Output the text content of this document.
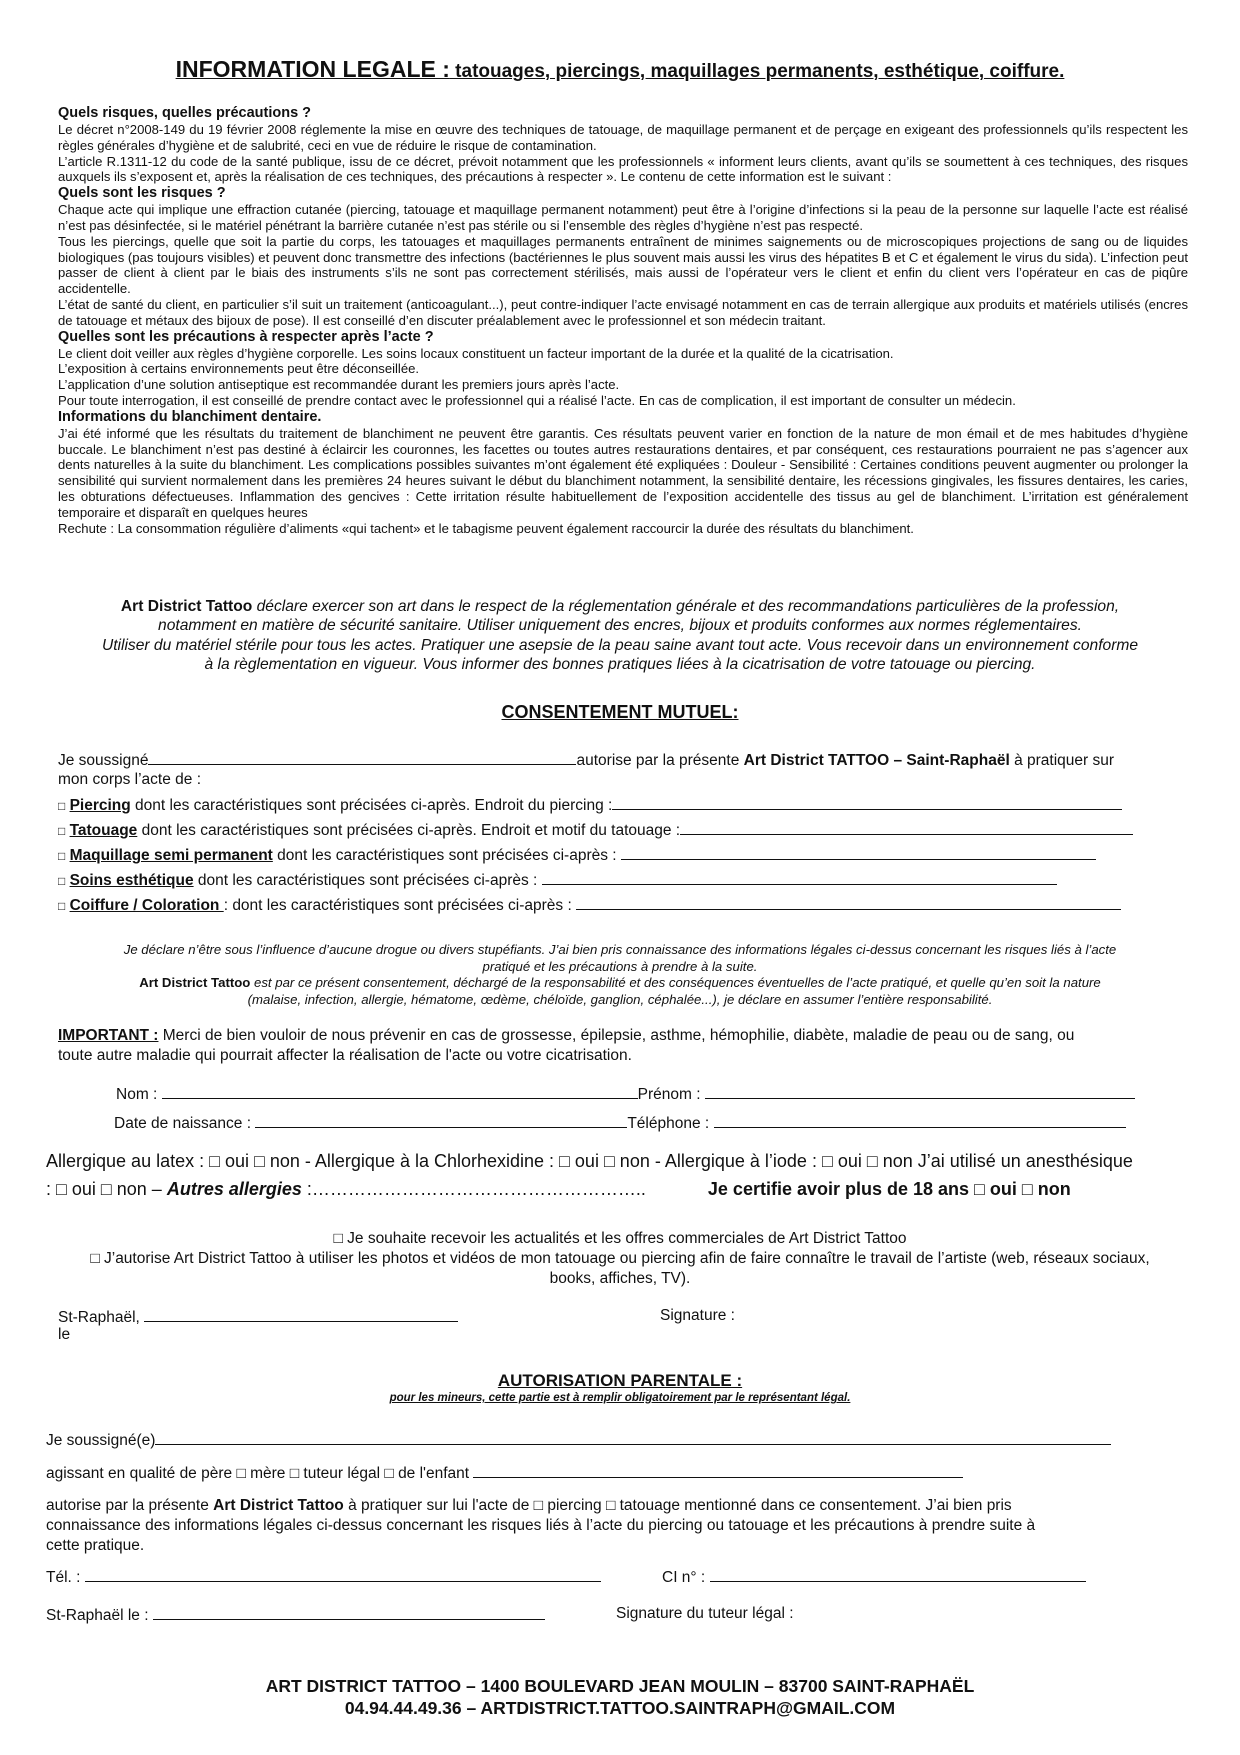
INFORMATION LEGALE : tatouages, piercings, maquillages permanents, esthétique, coiffure.
Quels risques, quelles précautions ?

Le décret n°2008-149 du 19 février 2008 réglemente la mise en œuvre des techniques de tatouage, de maquillage permanent et de perçage en exigeant des professionnels qu’ils respectent les règles générales d’hygiène et de salubrité, ceci en vue de réduire le risque de contamination.

L’article R.1311-12 du code de la santé publique, issu de ce décret, prévoit notamment que les professionnels « informent leurs clients, avant qu’ils se soumettent à ces techniques, des risques auxquels ils s’exposent et, après la réalisation de ces techniques, des précautions à respecter ». Le contenu de cette information est le suivant :

Quels sont les risques ?

Chaque acte qui implique une effraction cutanée (piercing, tatouage et maquillage permanent notamment) peut être à l’origine d’infections si la peau de la personne sur laquelle l’acte est réalisé n’est pas désinfectée, si le matériel pénétrant la barrière cutanée n’est pas stérile ou si l’ensemble des règles d’hygiène n’est pas respecté.

Tous les piercings, quelle que soit la partie du corps, les tatouages et maquillages permanents entraînent de minimes saignements ou de microscopiques projections de sang ou de liquides biologiques (pas toujours visibles) et peuvent donc transmettre des infections (bactériennes le plus souvent mais aussi les virus des hépatites B et C et également le virus du sida). L’infection peut passer de client à client par le biais des instruments s’ils ne sont pas correctement stérilisés, mais aussi de l’opérateur vers le client et enfin du client vers l’opérateur en cas de piqûre accidentelle.

L’état de santé du client, en particulier s’il suit un traitement (anticoagulant...), peut contre-indiquer l’acte envisagé notamment en cas de terrain allergique aux produits et matériels utilisés (encres de tatouage et métaux des bijoux de pose). Il est conseillé d’en discuter préalablement avec le professionnel et son médecin traitant.

Quelles sont les précautions à respecter après l’acte ?

Le client doit veiller aux règles d’hygiène corporelle. Les soins locaux constituent un facteur important de la durée et la qualité de la cicatrisation.

L’exposition à certains environnements peut être déconseillée.

L’application d’une solution antiseptique est recommandée durant les premiers jours après l’acte.

Pour toute interrogation, il est conseillé de prendre contact avec le professionnel qui a réalisé l’acte. En cas de complication, il est important de consulter un médecin.

Informations du blanchiment dentaire.

J’ai été informé que les résultats du traitement de blanchiment ne peuvent être garantis. Ces résultats peuvent varier en fonction de la nature de mon émail et de mes habitudes d’hygiène buccale. Le blanchiment n’est pas destiné à éclaircir les couronnes, les facettes ou toutes autres restaurations dentaires, et par conséquent, ces restaurations pourraient ne pas s’agencer aux dents naturelles à la suite du blanchiment. Les complications possibles suivantes m’ont également été expliquées : Douleur - Sensibilité : Certaines conditions peuvent augmenter ou prolonger la sensibilité qui survient normalement dans les premières 24 heures suivant le début du blanchiment notamment, la sensibilité dentaire, les récessions gingivales, les fissures dentaires, les caries, les obturations défectueuses. Inflammation des gencives : Cette irritation résulte habituellement de l’exposition accidentelle des tissus au gel de blanchiment. L’irritation est généralement temporaire et disparaît en quelques heures

Rechute : La consommation régulière d’aliments «qui tachent» et le tabagisme peuvent également raccourcir la durée des résultats du blanchiment.

Art District Tattoo déclare exercer son art dans le respect de la réglementation générale et des recommandations particulières de la profession,
notamment en matière de sécurité sanitaire. Utiliser uniquement des encres, bijoux et produits conformes aux normes réglementaires.
Utiliser du matériel stérile pour tous les actes. Pratiquer une asepsie de la peau saine avant tout acte. Vous recevoir dans un environnement conforme
à la règlementation en vigueur. Vous informer des bonnes pratiques liées à la cicatrisation de votre tatouage ou piercing.
CONSENTEMENT MUTUEL:
Je soussigné	autorise par la présente Art District TATTOO – Saint-Raphaël à pratiquer sur
mon corps l’acte de :
□ Piercing dont les caractéristiques sont précisées ci-après. Endroit du piercing :
□ Tatouage dont les caractéristiques sont précisées ci-après. Endroit et motif du tatouage :
□ Maquillage semi permanent dont les caractéristiques sont précisées ci-après :
□ Soins esthétique dont les caractéristiques sont précisées ci-après :
□ Coiffure / Coloration : dont les caractéristiques sont précisées ci-après :
Je déclare n’être sous l’influence d’aucune drogue ou divers stupéfiants. J’ai bien pris connaissance des informations légales ci-dessus concernant les risques liés à l’acte
pratiqué et les précautions à prendre à la suite.
Art District Tattoo est par ce présent consentement, déchargé de la responsabilité et des conséquences éventuelles de l’acte pratiqué, et quelle qu’en soit la nature
(malaise, infection, allergie, hématome, œdème, chéloïde, ganglion, céphalée...), je déclare en assumer l’entière responsabilité.
IMPORTANT : Merci de bien vouloir de nous prévenir en cas de grossesse, épilepsie, asthme, hémophilie, diabète, maladie de peau ou de sang, ou
toute autre maladie qui pourrait affecter la réalisation de l'acte ou votre cicatrisation.
Nom :	Prénom :
Date de naissance :	Téléphone :
Allergique au latex : □ oui □ non - Allergique à la Chlorhexidine : □ oui □ non - Allergique à l’iode : □ oui □ non J’ai utilisé un anesthésique
: □ oui □ non – Autres allergies :………………………………………………..	Je certifie avoir plus de 18 ans □ oui □ non
□ Je souhaite recevoir les actualités et les offres commerciales de Art District Tattoo
□ J’autorise Art District Tattoo à utiliser les photos et vidéos de mon tatouage ou piercing afin de faire connaître le travail de l’artiste (web, réseaux sociaux,
books, affiches, TV).
St-Raphaël,
le
Signature :
AUTORISATION PARENTALE :
pour les mineurs, cette partie est à remplir obligatoirement par le représentant légal.
Je soussigné(e)
agissant en qualité de père □ mère □ tuteur légal □ de l'enfant
autorise par la présente Art District Tattoo à pratiquer sur lui l'acte de □ piercing □ tatouage mentionné dans ce consentement. J’ai bien pris
connaissance des informations légales ci-dessus concernant les risques liés à l’acte du piercing ou tatouage et les précautions à prendre suite à
cette pratique.
Tél. :	CI n° :
St-Raphaël le :	Signature du tuteur légal :
ART DISTRICT TATTOO – 1400 BOULEVARD JEAN MOULIN – 83700 SAINT-RAPHAËL
04.94.44.49.36 – ARTDISTRICT.TATTOO.SAINTRAPH@GMAIL.COM
